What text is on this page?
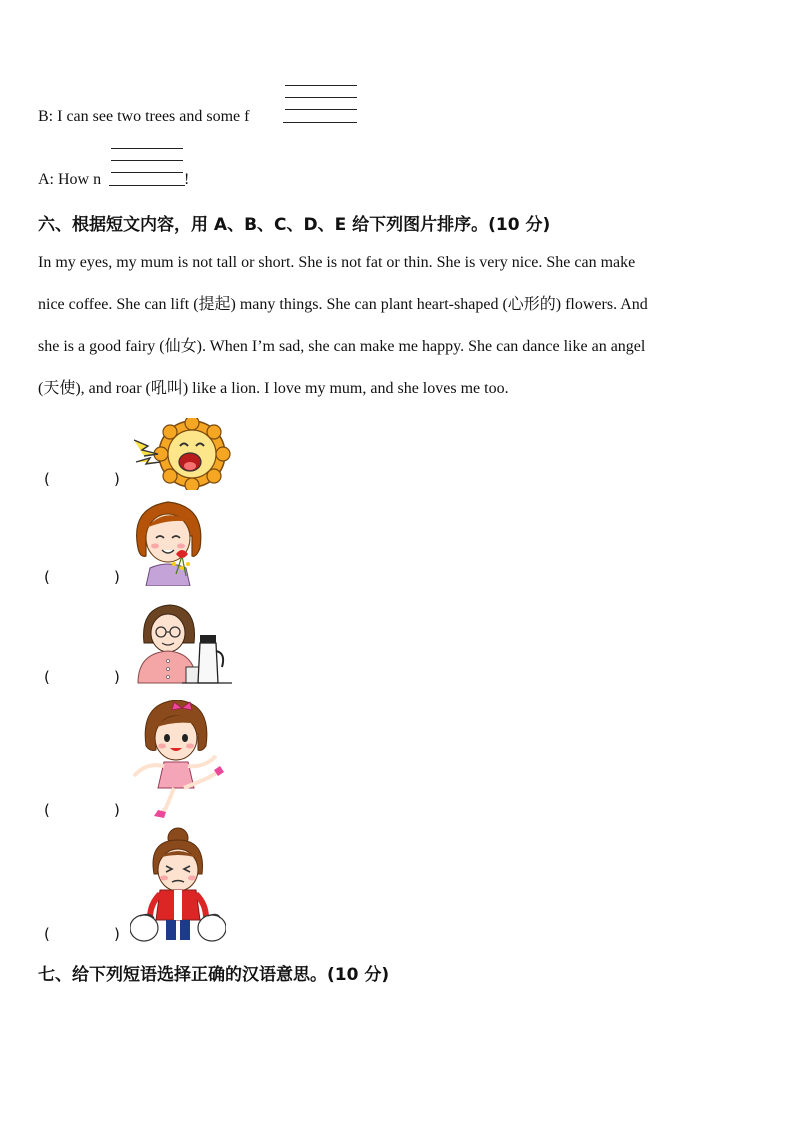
B: I can see two trees and some f
A: How n	!
六、根据短文内容，用 A、B、C、D、E 给下列图片排序。(10 分)
In my eyes, my mum is not tall or short. She is not fat or thin. She is very nice. She can make
nice coffee. She can lift (提起) many things. She can plant heart-shaped (心形的) flowers. And
she is a good fairy (仙女). When I’m sad, she can make me happy. She can dance like an angel
(天使), and roar (吼叫) like a lion. I love my mum, and she loves me too.
(	)
(	)
(	)
(	)
(	)
七、给下列短语选择正确的汉语意思。(10 分)
